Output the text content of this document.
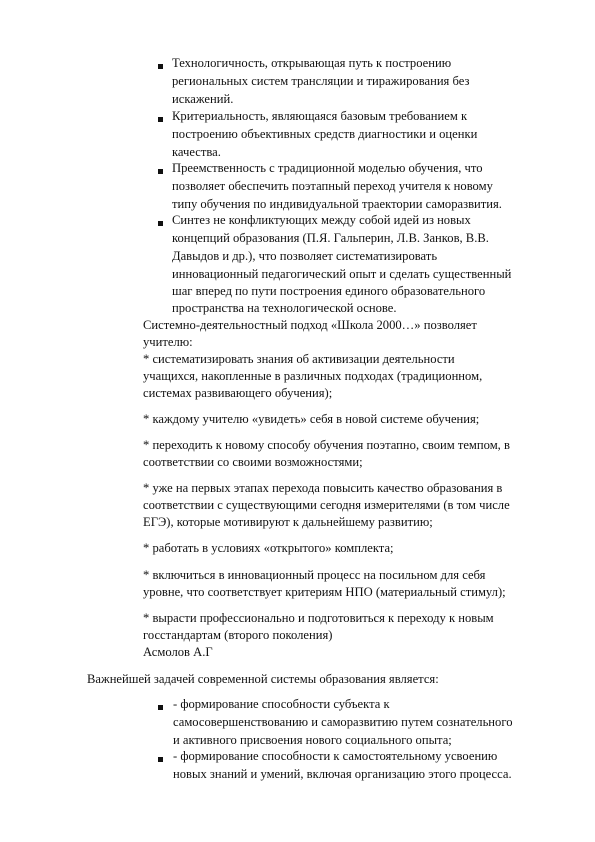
Технологичность, открывающая путь к построению
региональных систем трансляции и тиражирования без
искажений.
Критериальность, являющаяся базовым требованием к
построению объективных средств диагностики и оценки
качества.
Преемственность с традиционной моделью обучения, что
позволяет обеспечить поэтапный переход учителя к новому
типу обучения по индивидуальной траектории саморазвития.
Синтез не конфликтующих между собой идей из новых
концепций образования (П.Я. Гальперин, Л.В. Занков, В.В.
Давыдов и др.), что позволяет систематизировать
инновационный педагогический опыт и сделать существенный
шаг вперед по пути построения единого образовательного
пространства на технологической основе.
Системно-деятельностный подход «Школа 2000…» позволяет
учителю:
* систематизировать знания об активизации деятельности
учащихся, накопленные в различных подходах (традиционном,
системах развивающего обучения);
* каждому учителю «увидеть» себя в новой системе обучения;
* переходить к новому способу обучения поэтапно, своим темпом, в
соответствии со своими возможностями;
* уже на первых этапах перехода повысить качество образования в
соответствии с существующими сегодня измерителями (в том числе
ЕГЭ), которые мотивируют к дальнейшему развитию;
* работать в условиях «открытого» комплекта;
* включиться в инновационный процесс на посильном для себя
уровне, что соответствует критериям НПО (материальный стимул);
* вырасти профессионально и подготовиться к переходу к новым
госстандартам (второго поколения)
Асмолов А.Г
Важнейшей задачей современной системы образования является:
- формирование способности субъекта к
самосовершенствованию и саморазвитию путем сознательного
и активного присвоения нового социального опыта;
- формирование способности к самостоятельному усвоению
новых знаний и умений, включая организацию этого процесса.
